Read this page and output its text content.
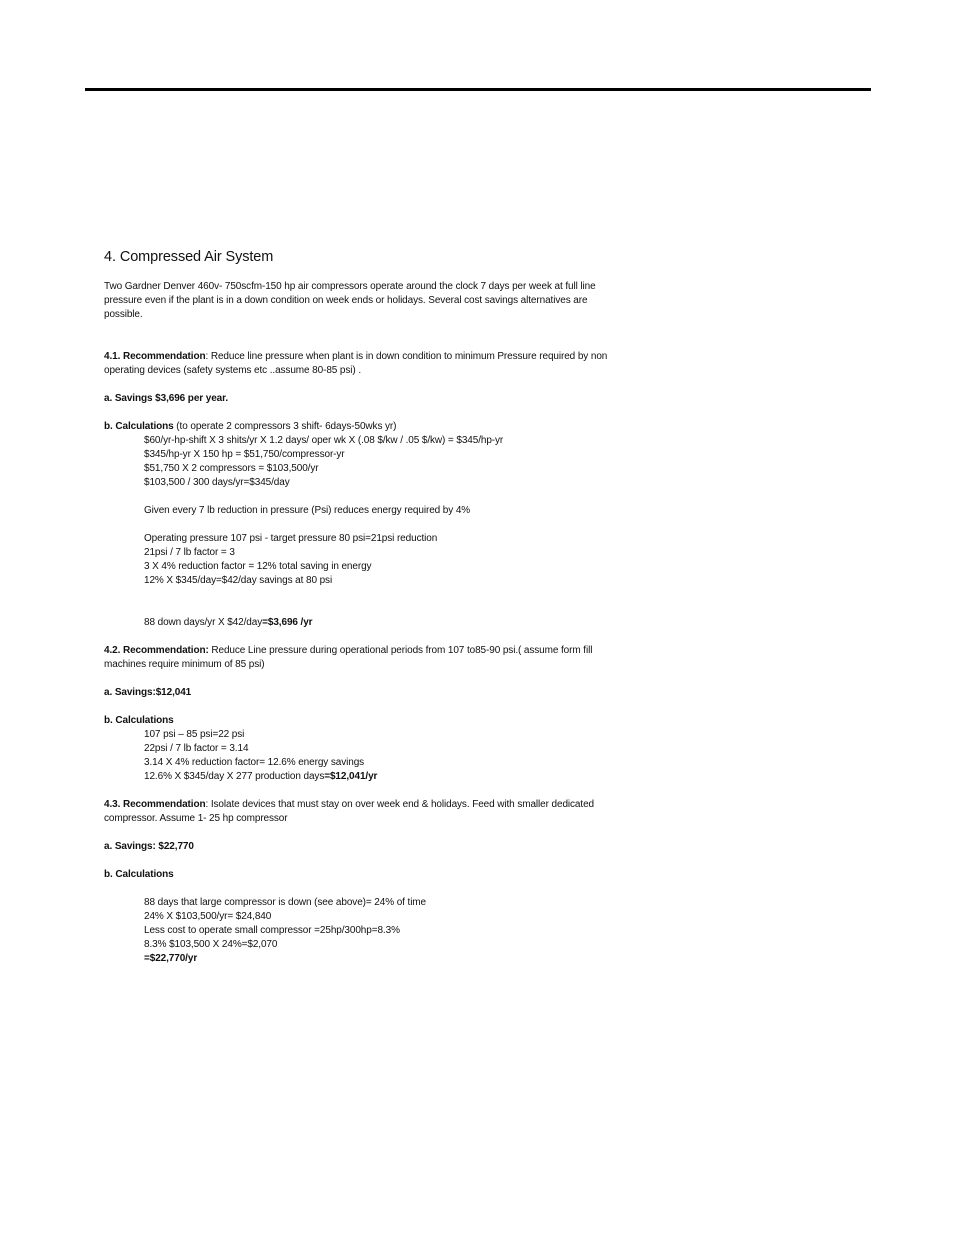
4. Compressed Air System

Two Gardner Denver 460v- 750scfm-150 hp air compressors operate around the clock 7 days per week at full line

pressure even if the plant is in a down condition on week ends or holidays. Several cost savings alternatives are

possible.

4.1. Recommendation: Reduce line pressure when plant is in down condition to minimum Pressure required by non

operating devices (safety systems etc ..assume 80-85 psi) .

a. Savings $3,696 per year.

b. Calculations (to operate 2 compressors 3 shift- 6days-50wks yr)

$60/yr-hp-shift X 3 shits/yr X 1.2 days/ oper wk X (.08 $/kw / .05 $/kw) = $345/hp-yr

$345/hp-yr X 150 hp = $51,750/compressor-yr

$51,750 X 2 compressors = $103,500/yr

$103,500 / 300 days/yr=$345/day

Given every 7 lb reduction in pressure (Psi) reduces energy required by 4%

Operating pressure 107 psi - target pressure 80 psi=21psi reduction

21psi / 7 lb factor = 3

3 X 4% reduction factor = 12% total saving in energy

12% X $345/day=$42/day savings at 80 psi

88 down days/yr X $42/day=$3,696 /yr

4.2. Recommendation: Reduce Line pressure during operational periods from 107 to85-90 psi.( assume form fill

machines require minimum of 85 psi)

a. Savings:$12,041

b. Calculations

107 psi – 85 psi=22 psi

22psi / 7 lb factor = 3.14

3.14 X 4% reduction factor= 12.6% energy savings

12.6% X $345/day X 277 production days=$12,041/yr

4.3. Recommendation: Isolate devices that must stay on over week end & holidays. Feed with smaller dedicated

compressor. Assume 1- 25 hp compressor

a. Savings: $22,770

b. Calculations

88 days that large compressor is down (see above)= 24% of time

24% X $103,500/yr= $24,840

Less cost to operate small compressor =25hp/300hp=8.3%

8.3% $103,500 X 24%=$2,070

=$22,770/yr
